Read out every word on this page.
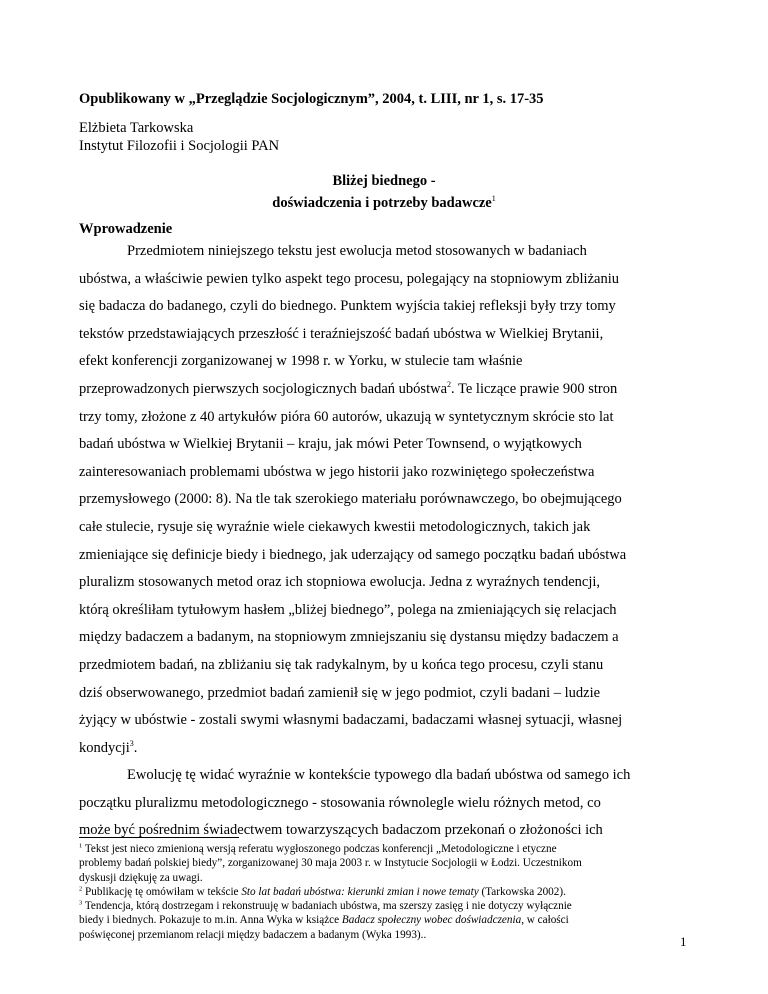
Opublikowany w „Przeglądzie Socjologicznym”, 2004, t. LIII, nr 1, s. 17-35
Elżbieta Tarkowska
Instytut Filozofii i Socjologii PAN
Bliżej biednego -
doświadczenia i potrzeby badawcze$^1$
Wprowadzenie
Przedmiotem niniejszego tekstu jest ewolucja metod stosowanych w badaniach
ubóstwa, a właściwie pewien tylko aspekt tego procesu, polegający na stopniowym zbliżaniu
się badacza do badanego, czyli do biednego. Punktem wyjścia takiej refleksji były trzy tomy
tekstów przedstawiających przeszłość i teraźniejszość badań ubóstwa w Wielkiej Brytanii,
efekt konferencji zorganizowanej w 1998 r. w Yorku, w stulecie tam właśnie
przeprowadzonych pierwszych socjologicznych badań ubóstwa$^2$. Te liczące prawie 900 stron
trzy tomy, złożone z 40 artykułów pióra 60 autorów, ukazują w syntetycznym skrócie sto lat
badań ubóstwa w Wielkiej Brytanii – kraju, jak mówi Peter Townsend, o wyjątkowych
zainteresowaniach problemami ubóstwa w jego historii jako rozwiniętego społeczeństwa
przemysłowego (2000: 8). Na tle tak szerokiego materiału porównawczego, bo obejmującego
całe stulecie, rysuje się wyraźnie wiele ciekawych kwestii metodologicznych, takich jak
zmieniające się definicje biedy i biednego, jak uderzający od samego początku badań ubóstwa
pluralizm stosowanych metod oraz ich stopniowa ewolucja. Jedna z wyraźnych tendencji,
którą określiłam tytułowym hasłem „bliżej biednego”, polega na zmieniających się relacjach
między badaczem a badanym, na stopniowym zmniejszaniu się dystansu między badaczem a
przedmiotem badań, na zbliżaniu się tak radykalnym, by u końca tego procesu, czyli stanu
dziś obserwowanego, przedmiot badań zamienił się w jego podmiot, czyli badani – ludzie
żyjący w ubóstwie - zostali swymi własnymi badaczami, badaczami własnej sytuacji, własnej
kondycji$^3$.
Ewolucję tę widać wyraźnie w kontekście typowego dla badań ubóstwa od samego ich
początku pluralizmu metodologicznego - stosowania równolegle wielu różnych metod, co
może być pośrednim świadectwem towarzyszących badaczom przekonań o złożoności ich
$^1$ Tekst jest nieco zmienioną wersją referatu wygłoszonego podczas konferencji „Metodologiczne i etyczne
problemy badań polskiej biedy”, zorganizowanej 30 maja 2003 r. w Instytucie Socjologii w Łodzi. Uczestnikom
dyskusji dziękuję za uwagi.
$^2$ Publikację tę omówiłam w tekście Sto lat badań ubóstwa: kierunki zmian i nowe tematy (Tarkowska 2002).
$^3$ Tendencja, którą dostrzegam i rekonstruuję w badaniach ubóstwa, ma szerszy zasięg i nie dotyczy wyłącznie
biedy i biednych. Pokazuje to m.in. Anna Wyka w książce Badacz społeczny wobec doświadczenia, w całości
poświęconej przemianom relacji między badaczem a badanym (Wyka 1993)..	1
